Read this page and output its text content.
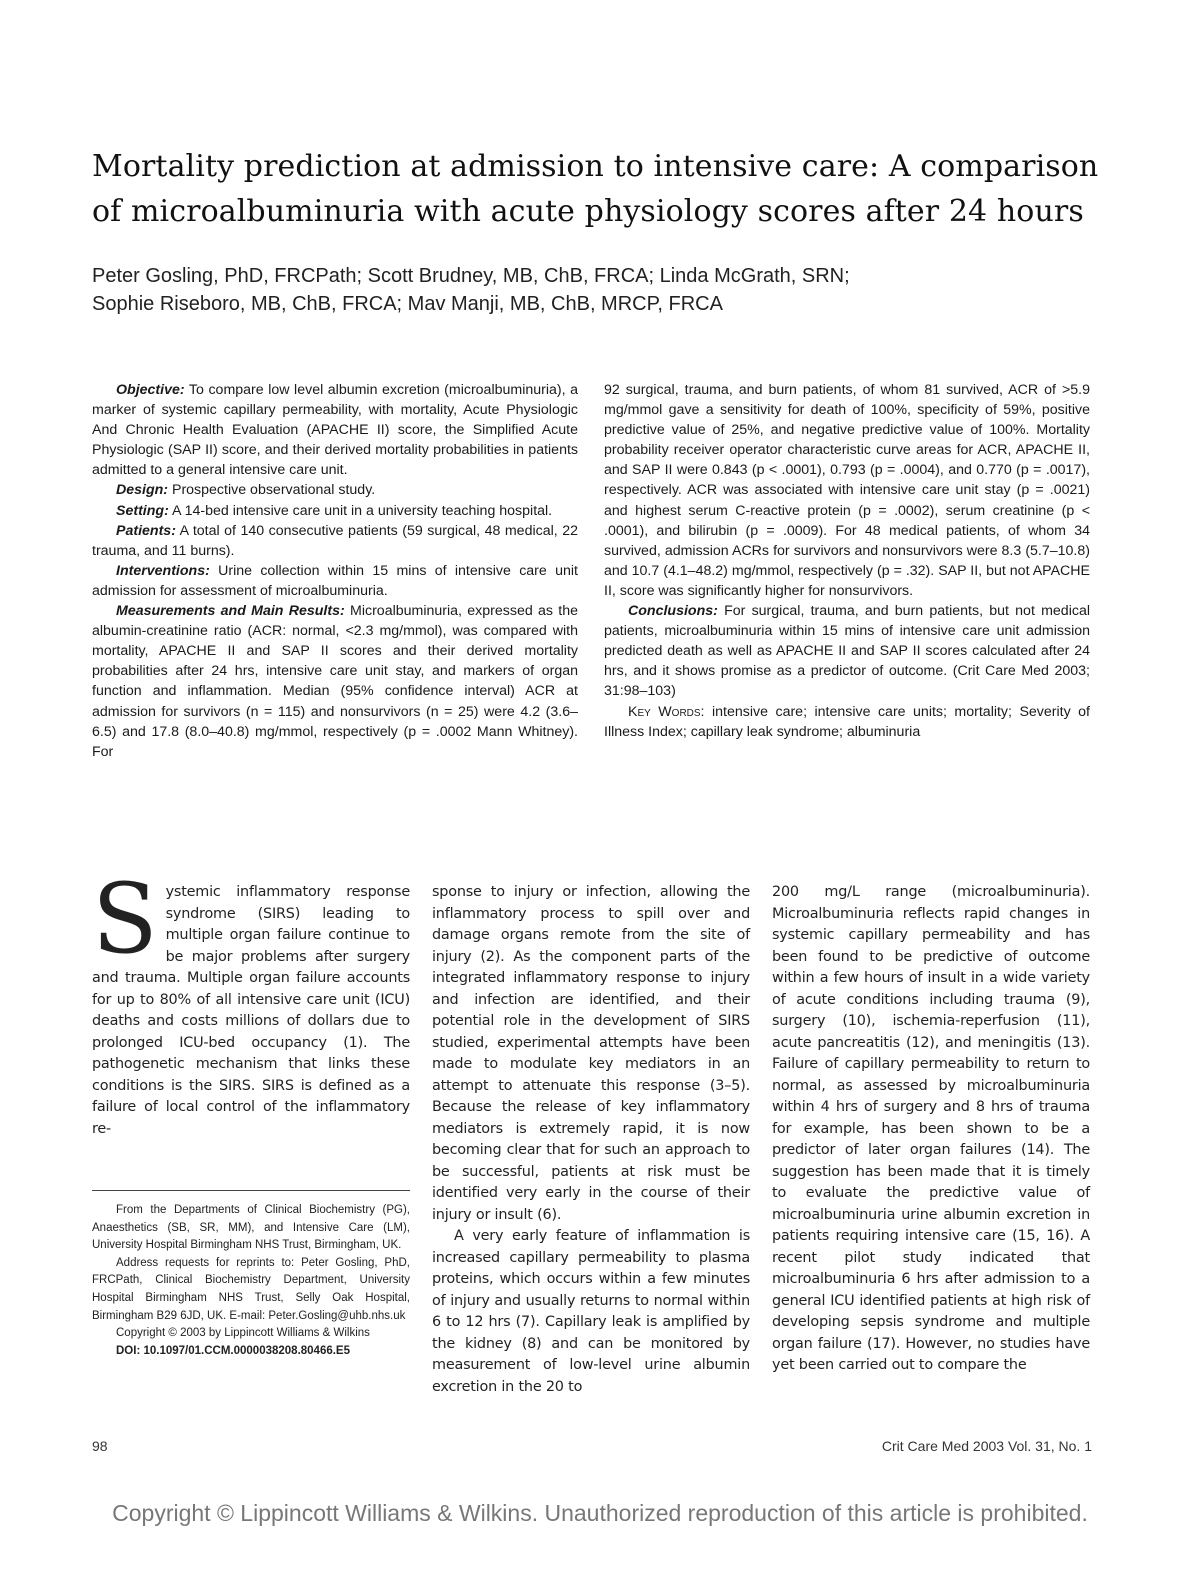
Mortality prediction at admission to intensive care: A comparison of microalbuminuria with acute physiology scores after 24 hours
Peter Gosling, PhD, FRCPath; Scott Brudney, MB, ChB, FRCA; Linda McGrath, SRN;
Sophie Riseboro, MB, ChB, FRCA; Mav Manji, MB, ChB, MRCP, FRCA

Objective: To compare low level albumin excretion (microalbuminuria), a marker of systemic capillary permeability, with mortality, Acute Physiologic And Chronic Health Evaluation (APACHE II) score, the Simplified Acute Physiologic (SAP II) score, and their derived mortality probabilities in patients admitted to a general intensive care unit.

Design: Prospective observational study.

Setting: A 14-bed intensive care unit in a university teaching hospital.

Patients: A total of 140 consecutive patients (59 surgical, 48 medical, 22 trauma, and 11 burns).

Interventions: Urine collection within 15 mins of intensive care unit admission for assessment of microalbuminuria.

Measurements and Main Results: Microalbuminuria, expressed as the albumin-creatinine ratio (ACR: normal, <2.3 mg/mmol), was compared with mortality, APACHE II and SAP II scores and their derived mortality probabilities after 24 hrs, intensive care unit stay, and markers of organ function and inflammation. Median (95% confidence interval) ACR at admission for survivors (n = 115) and nonsurvivors (n = 25) were 4.2 (3.6–6.5) and 17.8 (8.0–40.8) mg/mmol, respectively (p = .0002 Mann Whitney). For

92 surgical, trauma, and burn patients, of whom 81 survived, ACR of >5.9 mg/mmol gave a sensitivity for death of 100%, specificity of 59%, positive predictive value of 25%, and negative predictive value of 100%. Mortality probability receiver operator characteristic curve areas for ACR, APACHE II, and SAP II were 0.843 (p < .0001), 0.793 (p = .0004), and 0.770 (p = .0017), respectively. ACR was associated with intensive care unit stay (p = .0021) and highest serum C-reactive protein (p = .0002), serum creatinine (p < .0001), and bilirubin (p = .0009). For 48 medical patients, of whom 34 survived, admission ACRs for survivors and nonsurvivors were 8.3 (5.7–10.8) and 10.7 (4.1–48.2) mg/mmol, respectively (p = .32). SAP II, but not APACHE II, score was significantly higher for nonsurvivors.

Conclusions: For surgical, trauma, and burn patients, but not medical patients, microalbuminuria within 15 mins of intensive care unit admission predicted death as well as APACHE II and SAP II scores calculated after 24 hrs, and it shows promise as a predictor of outcome. (Crit Care Med 2003; 31:98–103)

Key Words: intensive care; intensive care units; mortality; Severity of Illness Index; capillary leak syndrome; albuminuria

Systemic inflammatory response syndrome (SIRS) leading to multiple organ failure continue to be major problems after surgery and trauma. Multiple organ failure accounts for up to 80% of all intensive care unit (ICU) deaths and costs millions of dollars due to prolonged ICU-bed occupancy (1). The pathogenetic mechanism that links these conditions is the SIRS. SIRS is defined as a failure of local control of the inflammatory re-

sponse to injury or infection, allowing the inflammatory process to spill over and damage organs remote from the site of injury (2). As the component parts of the integrated inflammatory response to injury and infection are identified, and their potential role in the development of SIRS studied, experimental attempts have been made to modulate key mediators in an attempt to attenuate this response (3–5). Because the release of key inflammatory mediators is extremely rapid, it is now becoming clear that for such an approach to be successful, patients at risk must be identified very early in the course of their injury or insult (6).

A very early feature of inflammation is increased capillary permeability to plasma proteins, which occurs within a few minutes of injury and usually returns to normal within 6 to 12 hrs (7). Capillary leak is amplified by the kidney (8) and can be monitored by measurement of low-level urine albumin excretion in the 20 to

200 mg/L range (microalbuminuria). Microalbuminuria reflects rapid changes in systemic capillary permeability and has been found to be predictive of outcome within a few hours of insult in a wide variety of acute conditions including trauma (9), surgery (10), ischemia-reperfusion (11), acute pancreatitis (12), and meningitis (13). Failure of capillary permeability to return to normal, as assessed by microalbuminuria within 4 hrs of surgery and 8 hrs of trauma for example, has been shown to be a predictor of later organ failures (14). The suggestion has been made that it is timely to evaluate the predictive value of microalbuminuria urine albumin excretion in patients requiring intensive care (15, 16). A recent pilot study indicated that microalbuminuria 6 hrs after admission to a general ICU identified patients at high risk of developing sepsis syndrome and multiple organ failure (17). However, no studies have yet been carried out to compare the

From the Departments of Clinical Biochemistry (PG), Anaesthetics (SB, SR, MM), and Intensive Care (LM), University Hospital Birmingham NHS Trust, Birmingham, UK.

Address requests for reprints to: Peter Gosling, PhD, FRCPath, Clinical Biochemistry Department, University Hospital Birmingham NHS Trust, Selly Oak Hospital, Birmingham B29 6JD, UK. E-mail: Peter.Gosling@uhb.nhs.uk

Copyright © 2003 by Lippincott Williams & Wilkins

DOI: 10.1097/01.CCM.0000038208.80466.E5

98	Crit Care Med 2003 Vol. 31, No. 1
Copyright © Lippincott Williams & Wilkins. Unauthorized reproduction of this article is prohibited.
